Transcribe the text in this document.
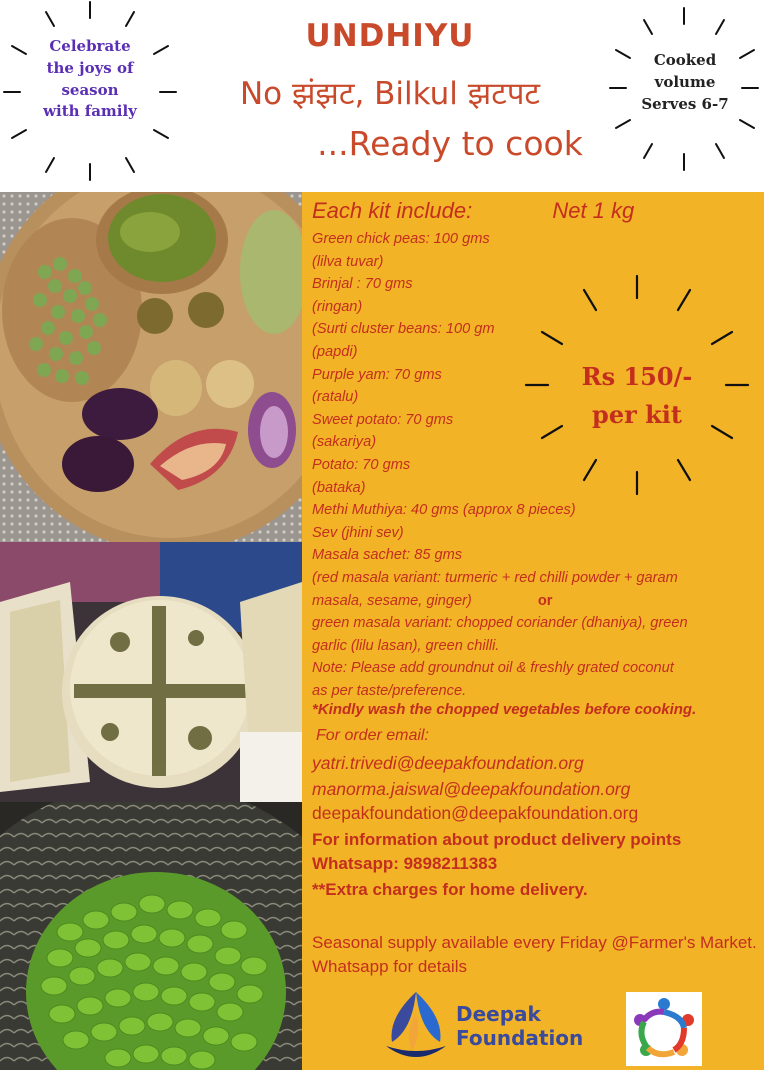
Celebrate
the joys of
season
with family
UNDHIYU
No झंझट, Bilkul झटपट
...Ready to cook
Cooked
volume
Serves 6-7
Each kit include:	Net 1 kg
Green chick peas: 100 gms
(lilva tuvar)
Brinjal : 70 gms
(ringan)
(Surti cluster beans: 100 gm
(papdi)
Purple yam: 70 gms
(ratalu)
Sweet potato: 70 gms
(sakariya)
Potato: 70 gms
(bataka)
Methi Muthiya: 40 gms (approx 8 pieces)
Sev (jhini sev)
Masala sachet: 85 gms
(red masala variant: turmeric + red chilli powder + garam
masala, sesame, ginger)	or
green masala variant: chopped coriander (dhaniya), green
garlic (lilu lasan), green chilli.
Note: Please add groundnut oil & freshly grated coconut
as per taste/preference.
*Kindly wash the chopped vegetables before cooking.
For order email:
yatri.trivedi@deepakfoundation.org
manorma.jaiswal@deepakfoundation.org
deepakfoundation@deepakfoundation.org
For information about product delivery points Whatsapp: 9898211383
**Extra charges for home delivery.
Seasonal supply available every Friday @Farmer's Market. Whatsapp for details
Rs 150/-
per kit
Deepak
Foundation
